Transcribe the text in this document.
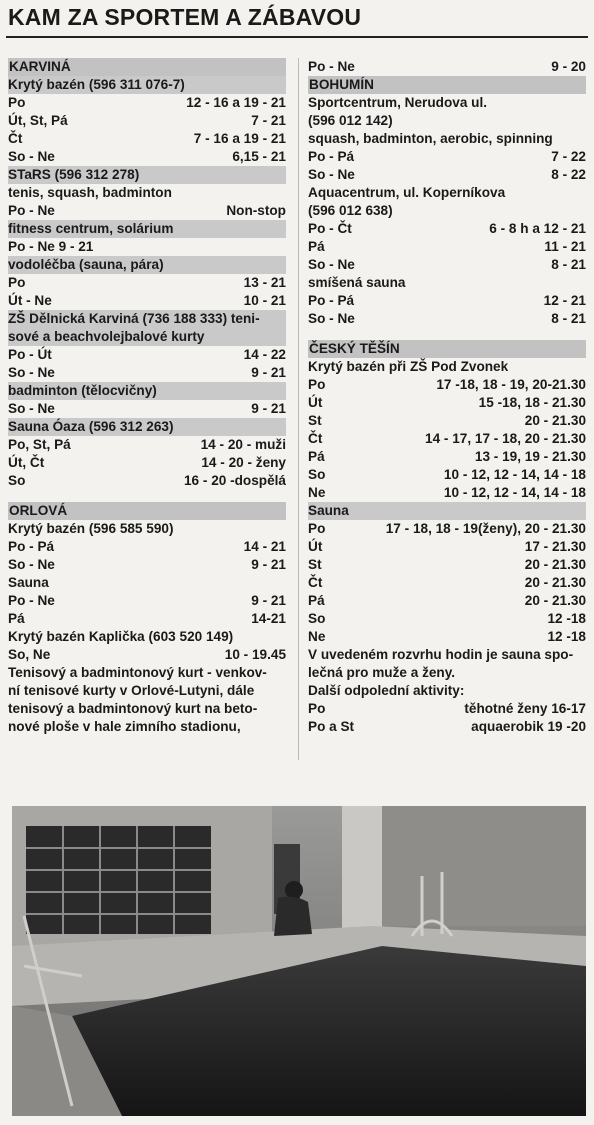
KAM ZA SPORTEM A ZÁBAVOU
KARVINÁ
Krytý bazén (596 311 076-7)
Po	12 - 16 a 19 - 21
Út, St, Pá	7 - 21
Čt	7 - 16 a 19 - 21
So - Ne	6,15 - 21
STaRS (596 312 278)
tenis, squash, badminton
Po - Ne	Non-stop
fitness centrum, solárium
Po - Ne 9 - 21
vodoléčba (sauna, pára)
Po	13 - 21
Út - Ne	10 - 21
ZŠ Dělnická Karviná (736 188 333) teni-
sové a beachvolejbalové kurty
Po - Út	14 - 22
So - Ne	9 - 21
badminton (tělocvičny)
So - Ne	9 - 21
Sauna Óaza (596 312 263)
Po, St, Pá	14 - 20 - muži
Út, Čt	14 - 20 - ženy
So	16 - 20 -dospělá
ORLOVÁ
Krytý bazén (596 585 590)
Po - Pá	14 - 21
So - Ne	9 - 21
Sauna
Po - Ne	9 - 21
Pá	14-21
Krytý bazén Kaplička (603 520 149)
So, Ne	10 - 19.45
Tenisový a badmintonový kurt - venkov-
ní tenisové kurty v Orlové-Lutyni, dále
tenisový a badmintonový kurt na beto-
nové ploše v hale zimního stadionu,
Po - Ne	9 - 20
BOHUMÍN
Sportcentrum, Nerudova ul.
(596 012 142)
squash, badminton, aerobic, spinning
Po - Pá	7 - 22
So - Ne	8 - 22
Aquacentrum, ul. Koperníkova
(596 012 638)
Po - Čt	6 - 8 h a 12 - 21
Pá	11 - 21
So - Ne	8 - 21
smíšená sauna
Po - Pá	12 - 21
So - Ne	8 - 21
ČESKÝ TĚŠÍN
Krytý bazén při ZŠ Pod Zvonek
Po	17 -18, 18 - 19, 20-21.30
Út	15 -18, 18 - 21.30
St	20 - 21.30
Čt	14 - 17, 17 - 18, 20 - 21.30
Pá	13 - 19, 19 - 21.30
So	10 - 12, 12 - 14, 14 - 18
Ne	10 - 12, 12 - 14, 14 - 18
Sauna
Po	17 - 18, 18 - 19(ženy), 20 - 21.30
Út	17 - 21.30
St	20 - 21.30
Čt	20 - 21.30
Pá	20 - 21.30
So	12 -18
Ne	12 -18
V uvedeném rozvrhu hodin je sauna spo-
lečná pro muže a ženy.
Další odpolední aktivity:
Po	těhotné ženy 16-17
Po a St	aquaerobik 19 -20
